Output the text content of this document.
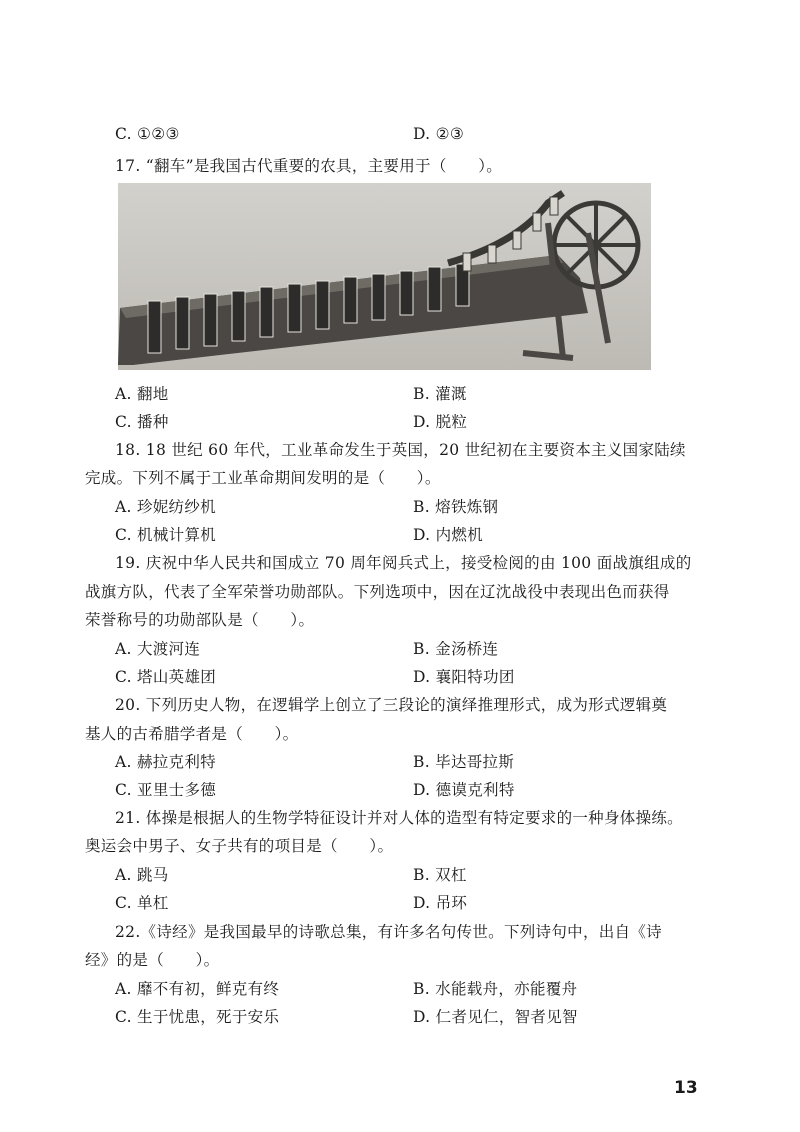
C. ①②③	D. ②③
17. “翻车”是我国古代重要的农具，主要用于（　　）。
A. 翻地	B. 灌溉
C. 播种	D. 脱粒
18. 18 世纪 60 年代，工业革命发生于英国，20 世纪初在主要资本主义国家陆续
完成。下列不属于工业革命期间发明的是（　　）。
A. 珍妮纺纱机	B. 熔铁炼钢
C. 机械计算机	D. 内燃机
19. 庆祝中华人民共和国成立 70 周年阅兵式上，接受检阅的由 100 面战旗组成的
战旗方队，代表了全军荣誉功勋部队。下列选项中，因在辽沈战役中表现出色而获得
荣誉称号的功勋部队是（　　）。
A. 大渡河连	B. 金汤桥连
C. 塔山英雄团	D. 襄阳特功团
20. 下列历史人物，在逻辑学上创立了三段论的演绎推理形式，成为形式逻辑奠
基人的古希腊学者是（　　）。
A. 赫拉克利特	B. 毕达哥拉斯
C. 亚里士多德	D. 德谟克利特
21. 体操是根据人的生物学特征设计并对人体的造型有特定要求的一种身体操练。
奥运会中男子、女子共有的项目是（　　）。
A. 跳马	B. 双杠
C. 单杠	D. 吊环
22.《诗经》是我国最早的诗歌总集，有许多名句传世。下列诗句中，出自《诗
经》的是（　　）。
A. 靡不有初，鲜克有终	B. 水能载舟，亦能覆舟
C. 生于忧患，死于安乐	D. 仁者见仁，智者见智
13
